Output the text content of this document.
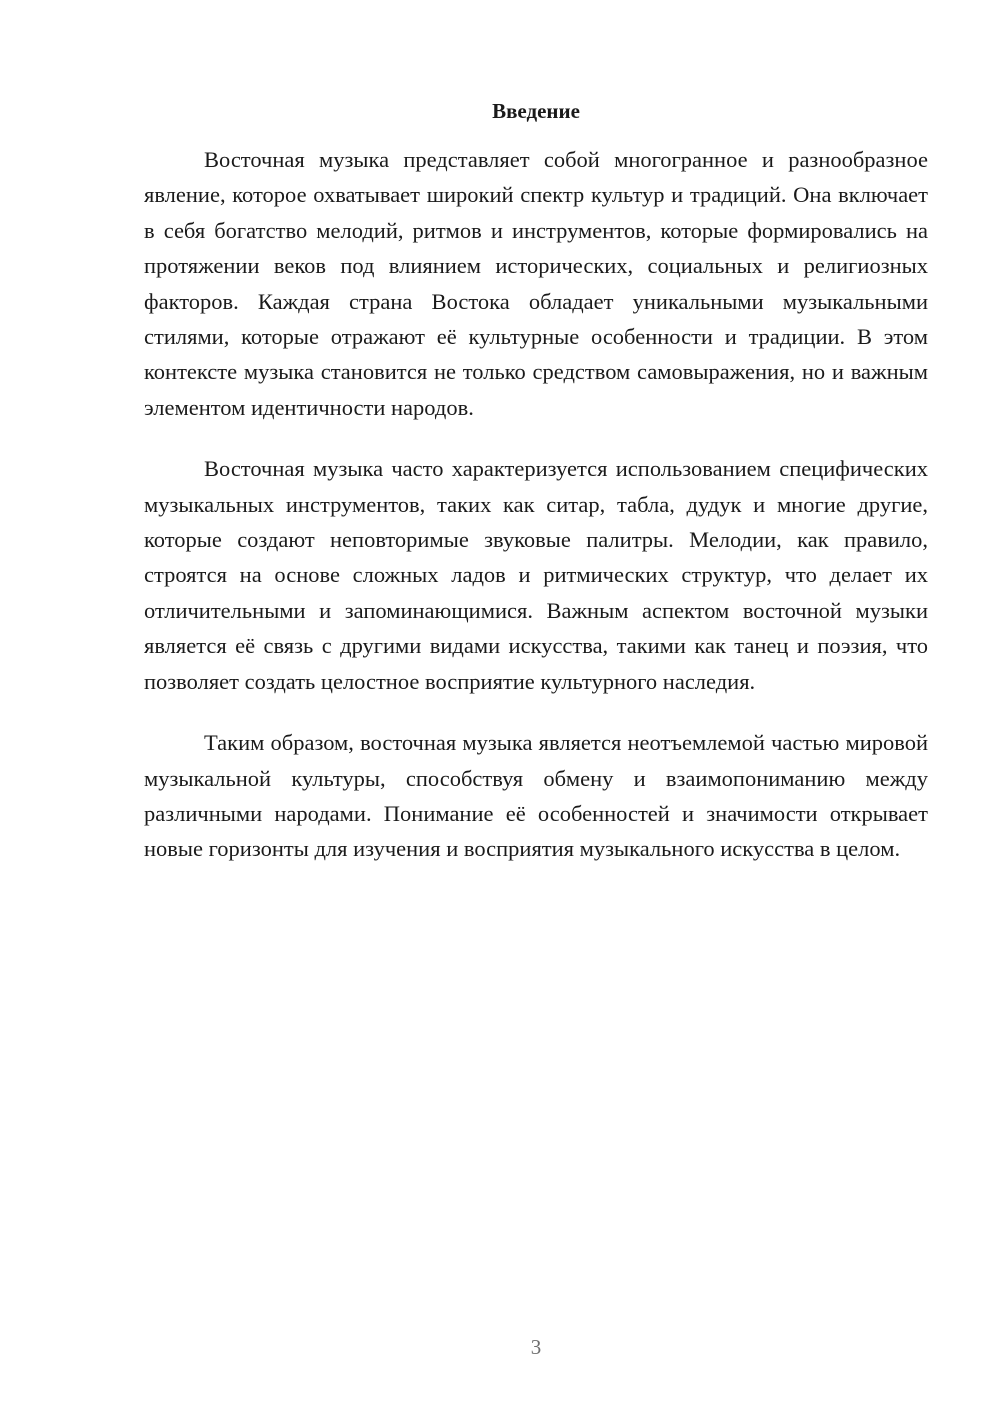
Введение

Восточная музыка представляет собой многогранное и разнообразное явление, которое охватывает широкий спектр культур и традиций. Она включает в себя богатство мелодий, ритмов и инструментов, которые формировались на протяжении веков под влиянием исторических, социальных и религиозных факторов. Каждая страна Востока обладает уникальными музыкальными стилями, которые отражают её культурные особенности и традиции. В этом контексте музыка становится не только средством самовыражения, но и важным элементом идентичности народов.

Восточная музыка часто характеризуется использованием специфических музыкальных инструментов, таких как ситар, табла, дудук и многие другие, которые создают неповторимые звуковые палитры. Мелодии, как правило, строятся на основе сложных ладов и ритмических структур, что делает их отличительными и запоминающимися. Важным аспектом восточной музыки является её связь с другими видами искусства, такими как танец и поэзия, что позволяет создать целостное восприятие культурного наследия.

Таким образом, восточная музыка является неотъемлемой частью мировой музыкальной культуры, способствуя обмену и взаимопониманию между различными народами. Понимание её особенностей и значимости открывает новые горизонты для изучения и восприятия музыкального искусства в целом.

3
